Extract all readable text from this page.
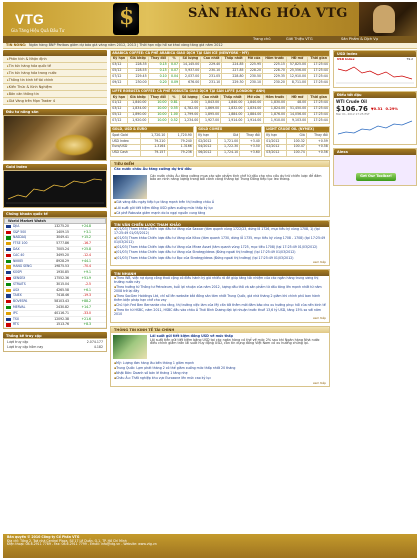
VTG
Gia Tăng Hiệu Quả Đầu Tư
$
SÀN HÀNG HÓA VTG
Trang chủ	Giới Thiệu VTG	Sản Phẩm & Dịch Vụ
TIN NÓNG: Ngân hàng BNP Paribas giảm dự báo giá vàng năm 2012, 2013 | Thời hạn nộp hồ sơ khai vàng tăng giá năm 2012

▸ Phân tích & Nhận định
▸ Tin tức hàng hóa quốc tế
▸ Tin tức hàng hóa trong nước
▸ Thông tin kinh tế tài chính
▸ Kiến Thức & Kinh Nghiệm
▸ Bản cân thông tin
▸ Giá Vàng trên Mạn Trader 4
Đầu tư nông sản
Gold Index
Chứng khoán quốc tế
World Market Watch
DJIA	13275.20	+24.8
S&P 500	1409.15	+3.1
NASDAQ	3049.41	+15.2
FTSE 100	5777.86	-16.7
DAX	7005.24	+25.8
CAC 40	3495.20	-12.4
NIKKEI	8928.29	+44.1
HANG SENG	19875.53	-70.4
KOSPI	1930.85	+9.1
SENSEX	17552.36	+51.9
STRAITS	3015.04	-2.5
ASX	4265.58	+6.1
TAIEX	7418.46	-19.3
BOVESPA	58103.43	+88.2
MERVAL	2430.82	+14.7
IPC	40116.71	-33.0
TSX	12092.38	+21.6
RTS	1513.76	+8.3
Thống kê truy cập
Lượt truy cập	2.074.177
Lượt truy cập hôm nay	4.182
ARABICA COFFEE: CÀ PHÊ ARABICA GIAO DỊCH TẠI SÀN ICE (NEWYORK - MỸ)										
Kỳ hạn	Giá khớp	Thay đổi	%	Số lượng	Cao nhất	Thấp nhất	Mở cửa	Hôm trước	HĐ mở	Thời gian
03/12	228.35	0.15	0.07	14,145.00	229.40	224.85	225.95	225.15	57,825.00	17:25:44
05/12	228.55	0.15	0.07	5,937.00	230.10	227.85	228.20	228.70	25,556.00	17:25:44
07/12	229.45	0.10	0.04	2,037.00	231.05	228.80	230.50	229.35	12,910.00	17:25:44
09/12	230.00	0.20	0.09	676.00	231.10	229.30	230.10	230.20	8,711.00	17:25:44
LIFFE ROBUSTA COFFEE: CÀ PHÊ ROBUSTA GIAO DỊCH TẠI SÀN LIFFE (LONDON - ANH)										
Kỳ hạn	Giá khớp	Thay đổi	%	Số lượng	Cao nhất	Thấp nhất	Mở cửa	Hôm trước	HĐ mở	Thời gian
01/12	1,840.00	10.00	0.81	2.00	1,843.00	1,840.00	1,840.00	1,830.00	48.00	17:25:44
03/12	1,834.00	10.00	0.55	4,782.00	1,869.00	1,832.00	1,834.00	1,824.00	51,450.00	17:25:44
05/12	1,890.00	10.00	1.00	1,799.00	1,895.00	1,884.00	1,884.00	1,876.00	14,056.00	17:25:44
07/12	1,920.00	10.00	0.52	1,234.00	1,927.00	1,914.00	1,914.00	1,910.00	9,103.00	17:25:44
GOLD, USD & EURO		
Spot Gold	1,720.10	1,720.90
USD Index	79.210	79.240
Euro/USD	1.3164	1.3166
USD Cash	79.157	79.236
GOLD COMEX		
Kỳ hạn	Giá	Thay đổi
02/2012	1,721.00	+3.40
04/2012	1,722.30	+3.50
06/2012	1,724.10	+3.60
LIGHT CRUDE OIL (NYMEX)		
Kỳ hạn	Giá	Thay đổi
01/2012	100.32	+0.59
02/2012	100.47	+0.58
03/2012	100.74	+0.56
TIÊU ĐIỂM
Các nước châu Âu tăng cường dự trữ dầu
Các nước châu Âu tăng cường mua các sản phẩm tinh chế từ dầu cho nhu cầu dự trữ chiến lược để đảm bảo an ninh năng lượng trong bối cảnh căng thẳng tại Trung Đông tiếp tục leo thang.
▪ Giá vàng đầu ngày tiếp tục tăng mạnh trên thị trường châu Á
▪ Lãi suất gửi tiết kiệm đồng USD giảm xuống mức thấp kỷ lục
▪ Cà phê Robusta giảm mạnh do lo ngại nguồn cung tăng
TIN VĂN CHIẾN LƯỢC THAM KHẢO
▪ (01/03) Tham khảo Chiến lược đầu tư Vàng của Saxxar (tâm quạnh vùng 1722/23, dừng lỗ 1726, mục tiêu ký vùng 1708, 1) (tại 17:25:49 01/03/2012)
▪ (01/03) Tham khảo Chiến lược đầu tư Vàng của Kitco (tâm quanh 1730, dừng lỗ 1735, mục tiêu ký vùng 1708 - 1708) (tại 17:25:49 01/03/2012)
▪ (01/03) Tham khảo Chiến lược đầu tư Vàng của Mirae Asset (tâm quanh vùng 1725, mục tiêu 1708) (tại 17:25:49 01/03/2012)
▪ (01/03) Tham khảo Chiến lược đầu tư Vàng của StrategyIdeas (Đứng ngoài thị trường) (tại 17:25:49 01/03/2012)
▪ (01/03) Tham khảo Chiến lược đầu tư Bạc của StrategyIdeas (Đứng ngoài thị trường) (tại 17:25:49 01/03/2012)
xem tiếp
TIN NHANH
▪ Theo WB, việc nợ dụng công thoả cộng có điều hành kỷ giá nhiều rõ để giúp tăng tốc nhiệm của các ngân hàng trung ương thị trường nước này
▪ Theo hướng từ Thông tư Petroleum, tuổi lợi nhuận của năm 2012, lượng dầu thô và sản phẩm từ dầu tăng lên mạnh nhất từ năm 2008 trở lại đây
▪ Theo SocGen Holdings Ltd, chỉ số lên website bắt đồng sản tăm nhất Trung Quốc, giá nhà tháng 2 giảm khi chính phủ ban hành thêm biện pháp hạn chế cho vay
▪ Chủ tịch Fed Ben Bernanke cho rằng, thị trường việc làm của Mỹ cần tốt thêm mới đảm bảo cho xu hướng phục hồi của nền kinh tế
▪ Theo tin từ HSBC, năm 2011, HSBC đầu vào châu Á Thái Bình Dương đạt lợi nhuận trước thuế 13,6 tỷ USD, tăng 15% so với năm 2010
xem tiếp
THÔNG TIN KINH TẾ TÀI CHÍNH
Lãi suất gửi tiết kiệm đồng USD về mức thấp
Lãi suất tiền gửi tiết kiệm bằng USD tại các ngân hàng có thể về mức 2% sau khi Ngân hàng Nhà nước điều chỉnh giảm trần lãi suất huy động USD, còn tín dụng đồng Việt Nam có xu hướng chững lại.
▪ Mỹ: Lượng đơn hàng lâu bền tháng 1 giảm mạnh
▪ Trung Quốc: Lạm phát tháng 2 có thể giảm xuống mức thấp nhất 20 tháng
▪ Nhật Bản: Doanh số bán lẻ tháng 1 tăng nhẹ
▪ Châu Âu: Thất nghiệp khu vực Eurozone lên mức cao kỷ lục
xem tiếp
USD Index
USD Index	79.2
Điểu tốt đậu
WTI Crude Oil
$106.76 ▼0.31 0.29%
Mar 01, 2012 17:25 EST
Alexa
Get Our Toolbar!
Bản quyền © 2010 Công ty Cổ Phần VTG
Địa chỉ: Tầng 2, Toà nhà Central Plaza, Số 17 Lê Duẩn, Q.1, TP. Hồ Chí Minh
Điện thoại: 08.6.2911 7789 - Fax: 08.6.2911 7799 - Email: info@vtg.vn - Website: www.vtg.vn
